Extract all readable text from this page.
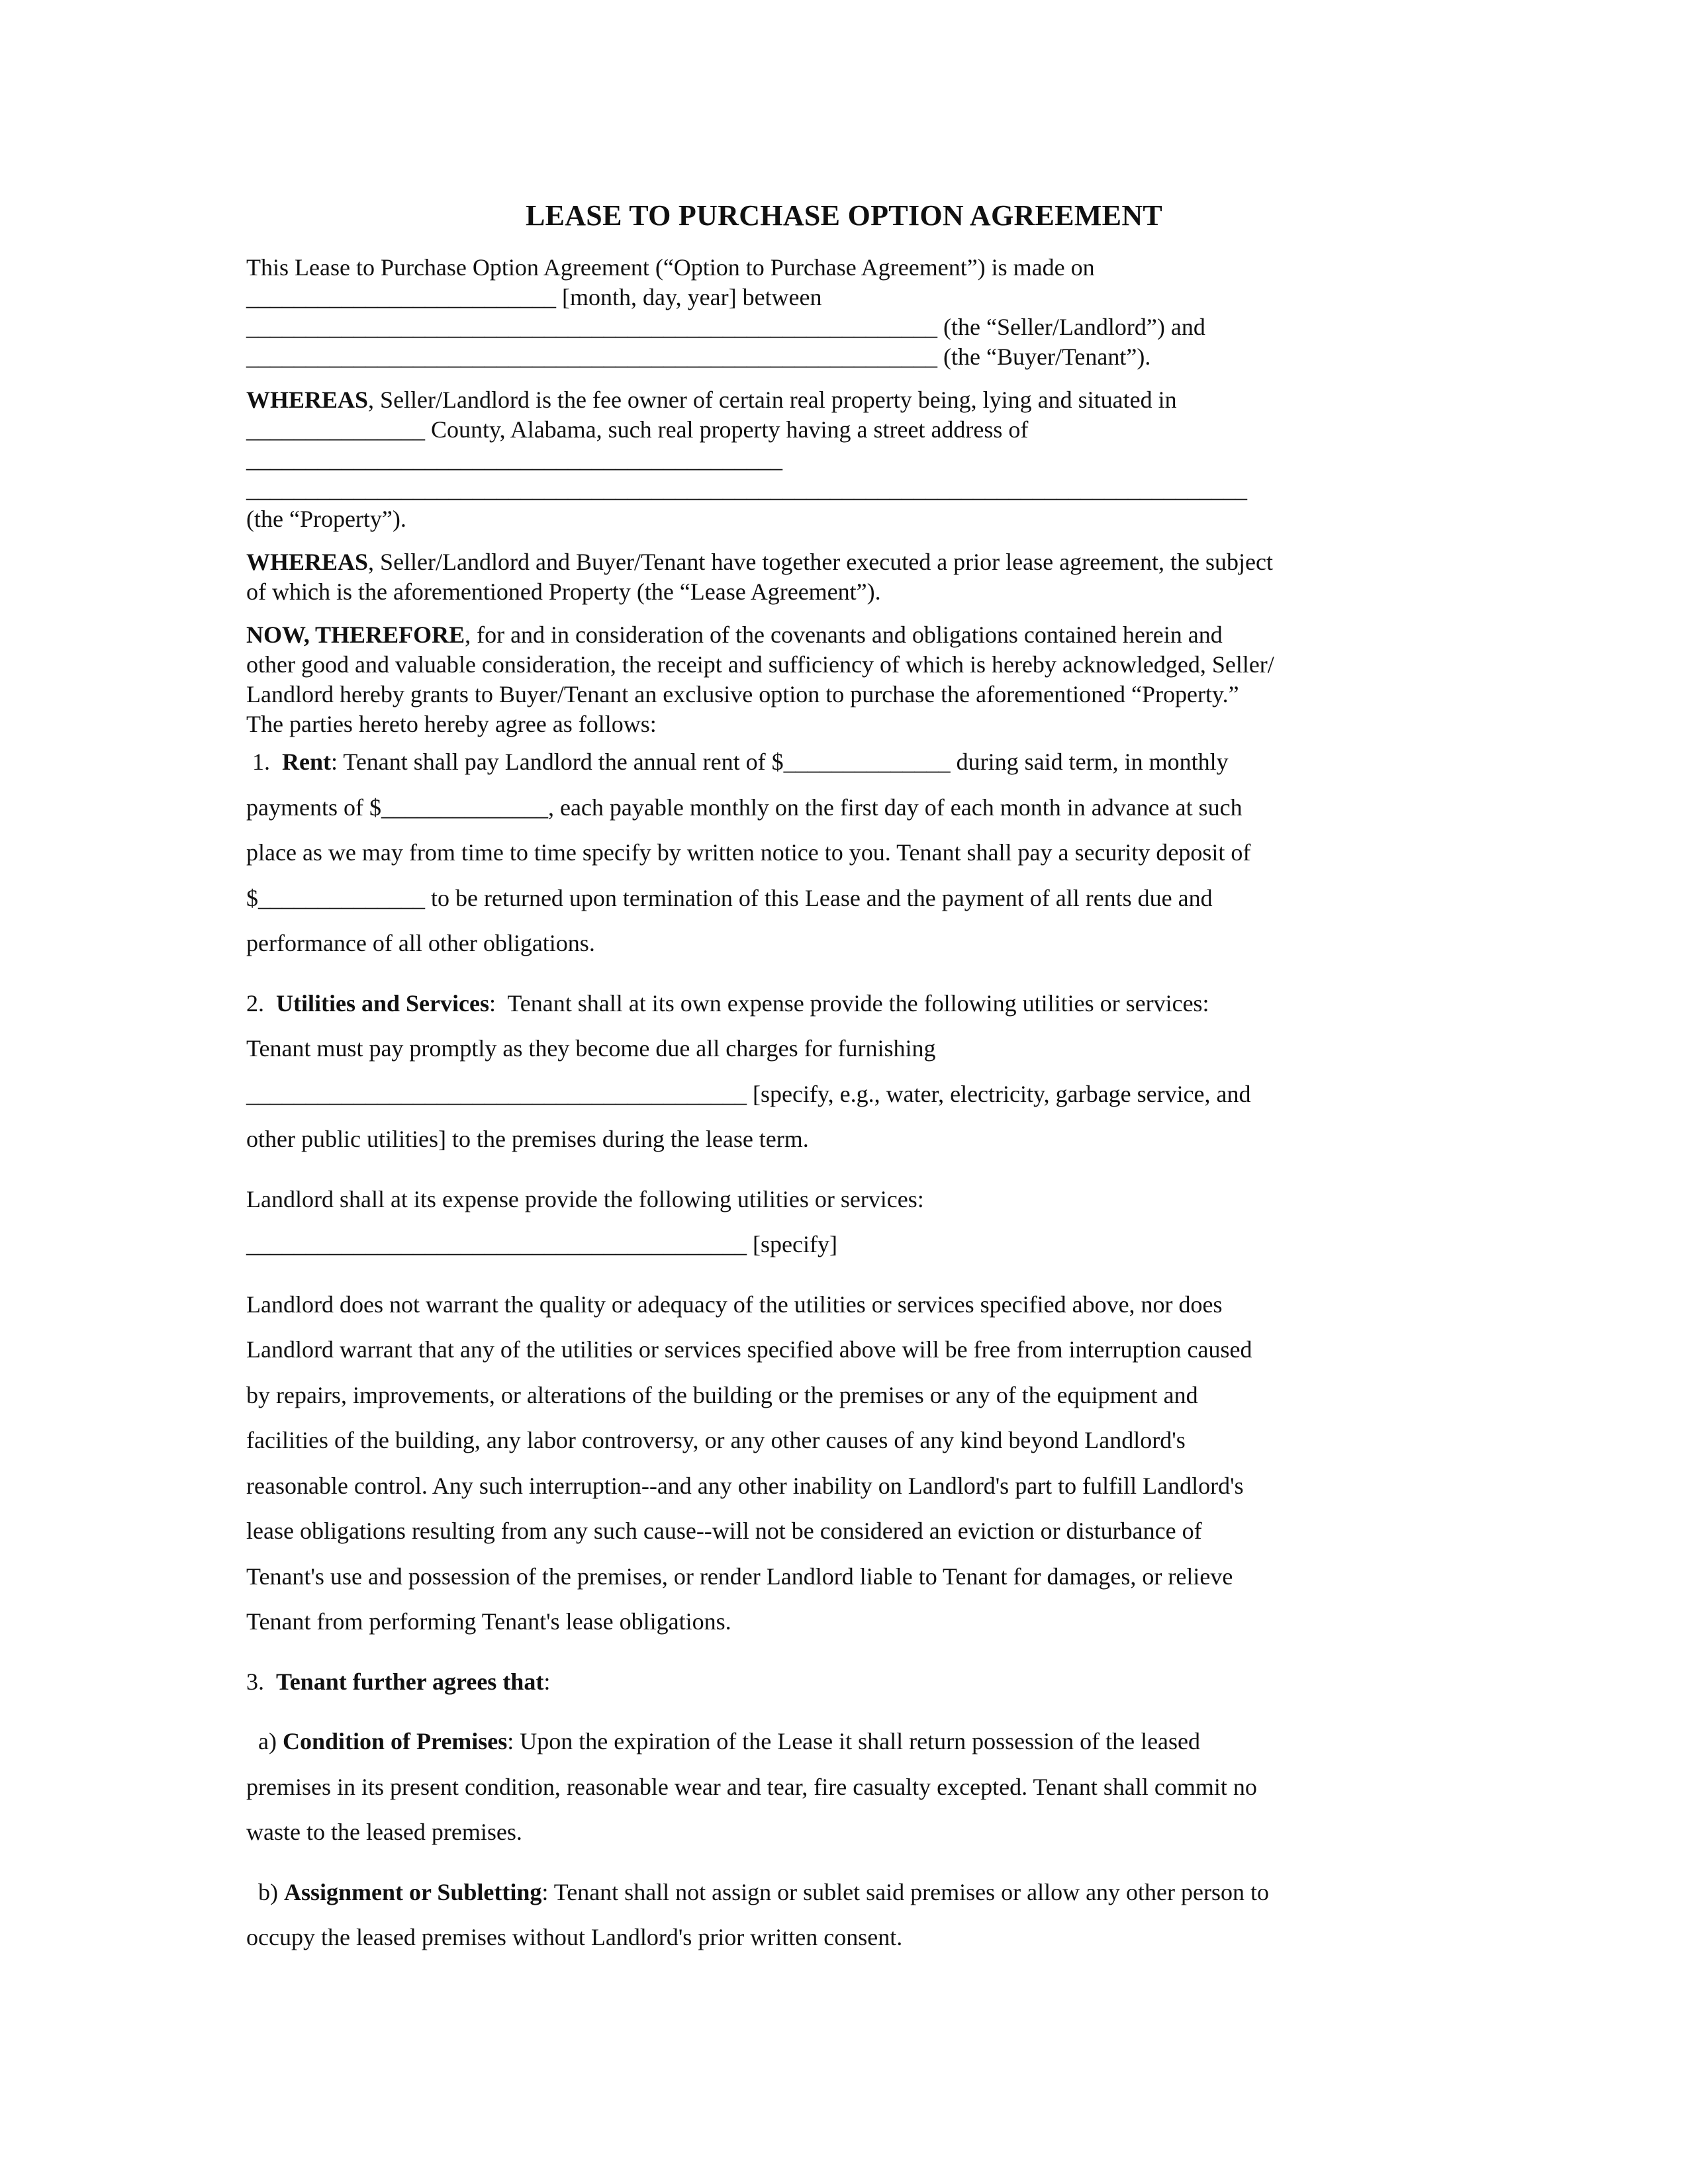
LEASE TO PURCHASE OPTION AGREEMENT

This Lease to Purchase Option Agreement (“Option to Purchase Agreement”) is made on
__________________________ [month, day, year] between
__________________________________________________________ (the “Seller/Landlord”) and
__________________________________________________________ (the “Buyer/Tenant”).

WHEREAS, Seller/Landlord is the fee owner of certain real property being, lying and situated in
_______________ County, Alabama, such real property having a street address of
_____________________________________________
____________________________________________________________________________________
(the “Property”).

WHEREAS, Seller/Landlord and Buyer/Tenant have together executed a prior lease agreement, the subject
of which is the aforementioned Property (the “Lease Agreement”).

NOW, THEREFORE, for and in consideration of the covenants and obligations contained herein and
other good and valuable consideration, the receipt and sufficiency of which is hereby acknowledged, Seller/
Landlord hereby grants to Buyer/Tenant an exclusive option to purchase the aforementioned “Property.”
The parties hereto hereby agree as follows:

1.  Rent: Tenant shall pay Landlord the annual rent of $______________ during said term, in monthly
payments of $______________, each payable monthly on the first day of each month in advance at such
place as we may from time to time specify by written notice to you. Tenant shall pay a security deposit of
$______________ to be returned upon termination of this Lease and the payment of all rents due and
performance of all other obligations.

2.  Utilities and Services:  Tenant shall at its own expense provide the following utilities or services:
Tenant must pay promptly as they become due all charges for furnishing
__________________________________________ [specify, e.g., water, electricity, garbage service, and
other public utilities] to the premises during the lease term.

Landlord shall at its expense provide the following utilities or services:
__________________________________________ [specify]

Landlord does not warrant the quality or adequacy of the utilities or services specified above, nor does
Landlord warrant that any of the utilities or services specified above will be free from interruption caused
by repairs, improvements, or alterations of the building or the premises or any of the equipment and
facilities of the building, any labor controversy, or any other causes of any kind beyond Landlord's
reasonable control. Any such interruption--and any other inability on Landlord's part to fulfill Landlord's
lease obligations resulting from any such cause--will not be considered an eviction or disturbance of
Tenant's use and possession of the premises, or render Landlord liable to Tenant for damages, or relieve
Tenant from performing Tenant's lease obligations.

3.  Tenant further agrees that:

a) Condition of Premises: Upon the expiration of the Lease it shall return possession of the leased
premises in its present condition, reasonable wear and tear, fire casualty excepted. Tenant shall commit no
waste to the leased premises.

b) Assignment or Subletting: Tenant shall not assign or sublet said premises or allow any other person to
occupy the leased premises without Landlord's prior written consent.
